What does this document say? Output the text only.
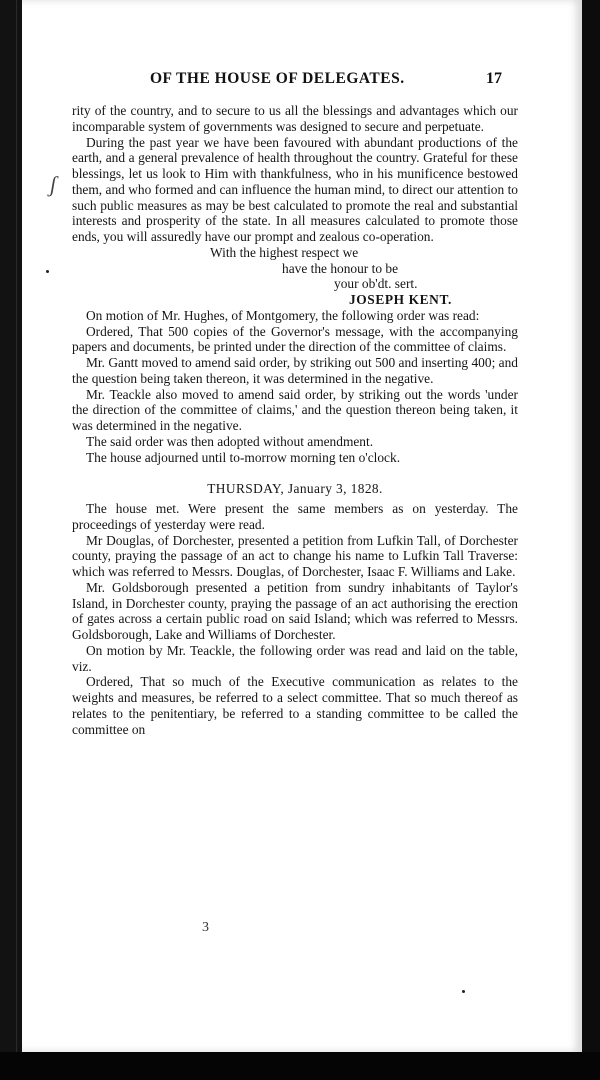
ʃ
OF THE HOUSE OF DELEGATES.	17

rity of the country, and to secure to us all the blessings and advantages which our incomparable system of governments was designed to secure and perpetuate.

During the past year we have been favoured with abundant productions of the earth, and a general prevalence of health throughout the country. Grateful for these blessings, let us look to Him with thankfulness, who in his munificence bestowed them, and who formed and can influence the human mind, to direct our attention to such public measures as may be best calculated to promote the real and substantial interests and prosperity of the state. In all measures calculated to promote those ends, you will assuredly have our prompt and zealous co-operation.

With the highest respect we

have the honour to be

your ob'dt. sert.

JOSEPH KENT.

On motion of Mr. Hughes, of Montgomery, the following order was read:

Ordered, That 500 copies of the Governor's message, with the accompanying papers and documents, be printed under the direction of the committee of claims.

Mr. Gantt moved to amend said order, by striking out 500 and inserting 400; and the question being taken thereon, it was determined in the negative.

Mr. Teackle also moved to amend said order, by striking out the words 'under the direction of the committee of claims,' and the question thereon being taken, it was determined in the negative.

The said order was then adopted without amendment.

The house adjourned until to-morrow morning ten o'clock.

THURSDAY, January 3, 1828.

The house met. Were present the same members as on yesterday. The proceedings of yesterday were read.

Mr Douglas, of Dorchester, presented a petition from Lufkin Tall, of Dorchester county, praying the passage of an act to change his name to Lufkin Tall Traverse: which was referred to Messrs. Douglas, of Dorchester, Isaac F. Williams and Lake.

Mr. Goldsborough presented a petition from sundry inhabitants of Taylor's Island, in Dorchester county, praying the passage of an act authorising the erection of gates across a certain public road on said Island; which was referred to Messrs. Goldsborough, Lake and Williams of Dorchester.

On motion by Mr. Teackle, the following order was read and laid on the table, viz.

Ordered, That so much of the Executive communication as relates to the weights and measures, be referred to a select committee. That so much thereof as relates to the penitentiary, be referred to a standing committee to be called the committee on

3
